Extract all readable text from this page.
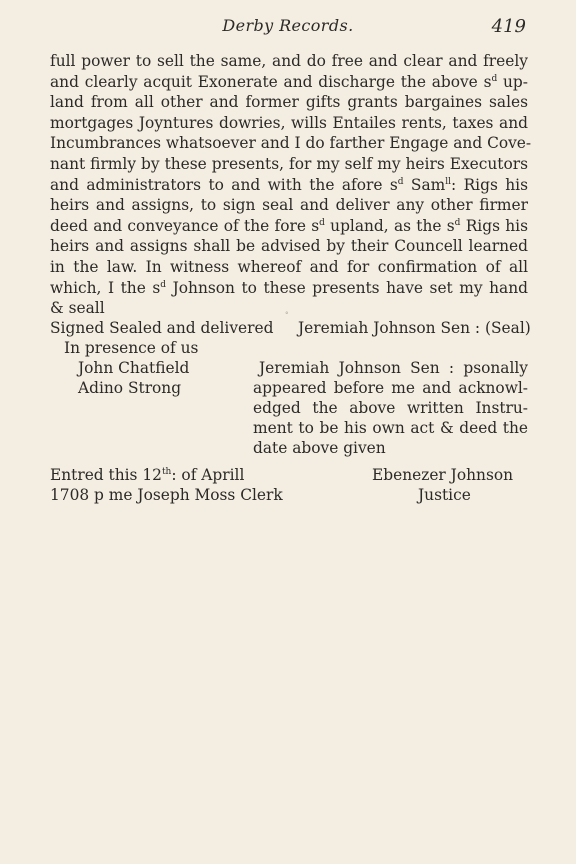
Derby Records.	419
full power to sell the same, and do free and clear and freely
and clearly acquit Exonerate and discharge the above $s^d$ up-
land from all other and former gifts grants bargaines sales
mortgages Joyntures dowries, wills Entailes rents, taxes and
Incumbrances whatsoever and I do farther Engage and Cove-
nant firmly by these presents, for my self my heirs Executors
and administrators to and with the afore $s^d$ Sam$^{ll}$: Rigs his
heirs and assigns, to sign seal and deliver any other firmer
deed and conveyance of the fore $s^d$ upland, as the $s^d$ Rigs his
heirs and assigns shall be advised by their Councell learned
in the law. In witness whereof and for confirmation of all
which, I the $s^d$ Johnson to these presents have set my hand
& seall	°
Signed Sealed and delivered Jeremiah Johnson Sen : (Seal)
In presence of us
John Chatfield
Adino Strong
Jeremiah Johnson Sen : psonally
appeared before me and acknowl-
edged the above written Instru-
ment to be his own act & deed the
date above given
Entred this 12th: of Aprill
1708 p me Joseph Moss Clerk
Ebenezer Johnson
Justice
